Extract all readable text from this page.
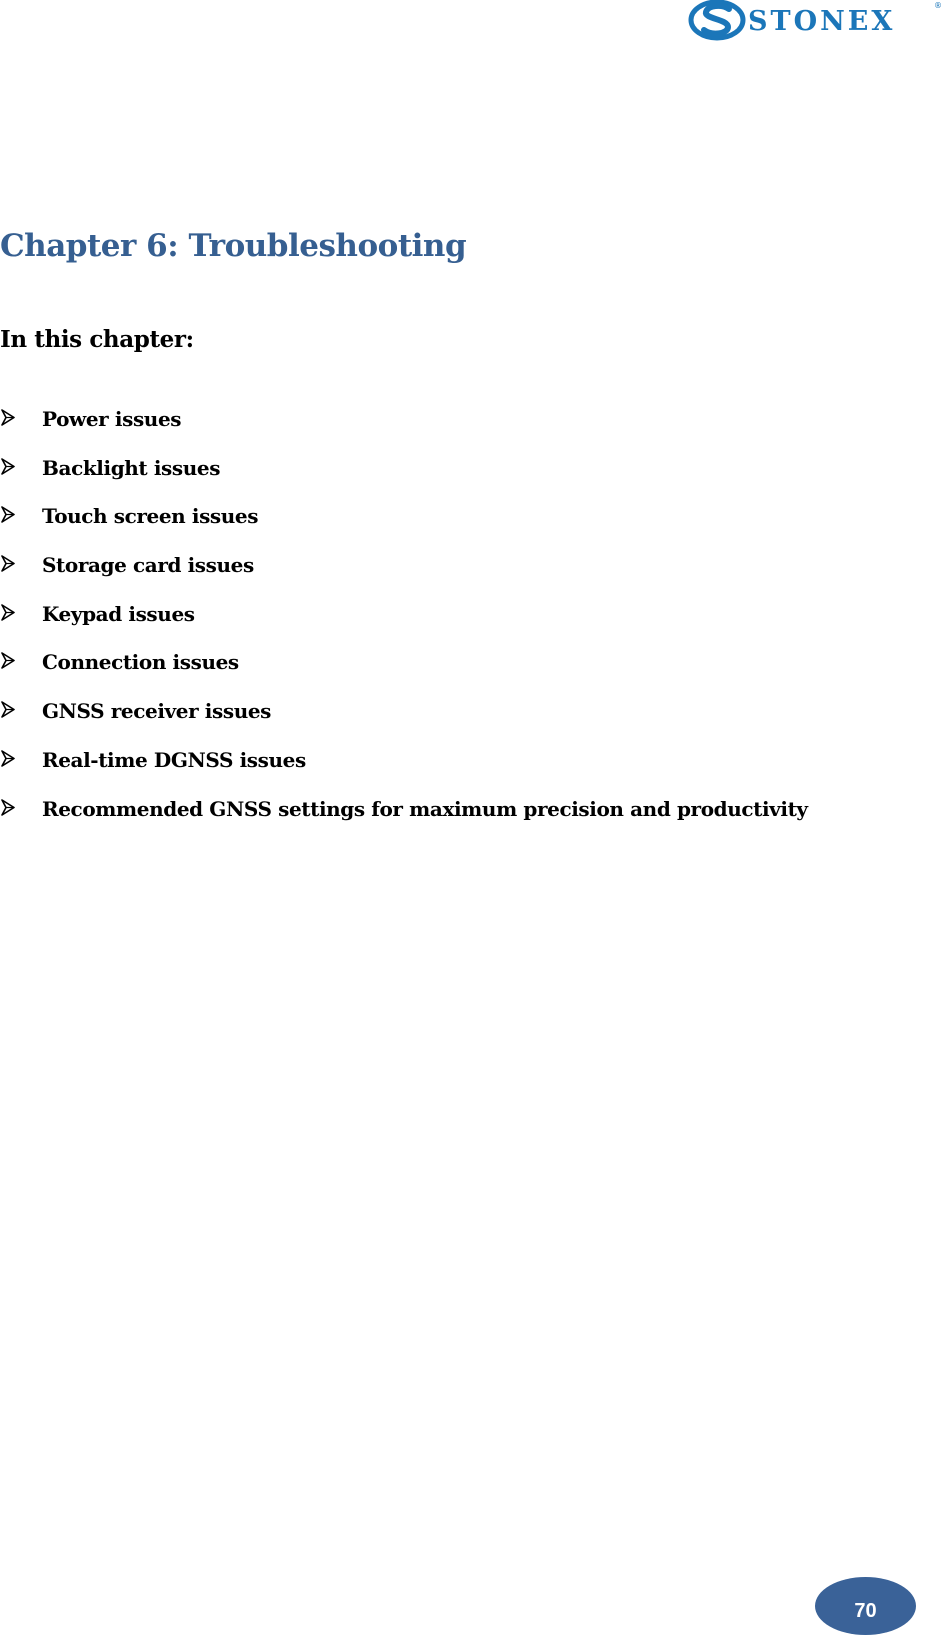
STONEX
®
Chapter 6: Troubleshooting

In this chapter:

Power issues
Backlight issues
Touch screen issues
Storage card issues
Keypad issues
Connection issues
GNSS receiver issues
Real-time DGNSS issues
Recommended GNSS settings for maximum precision and productivity
70
